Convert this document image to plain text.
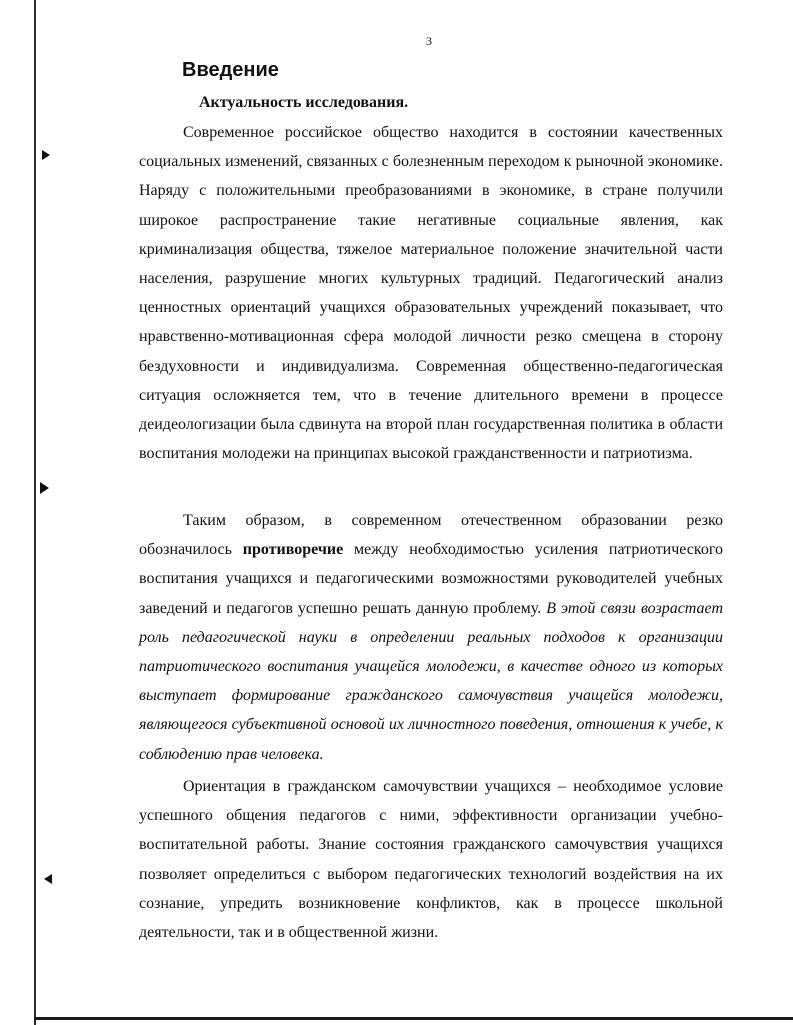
3
Введение
Актуальность исследования.

Современное российское общество находится в состоянии качественных социальных изменений, связанных с болезненным переходом к рыночной экономике. Наряду с положительными преобразованиями в экономике, в стране получили широкое распространение такие негативные социальные явления, как криминализация общества, тяжелое материальное положение значительной части населения, разрушение многих культурных традиций. Педагогический анализ ценностных ориентаций учащихся образовательных учреждений показывает, что нравственно-мотивационная сфера молодой личности резко смещена в сторону бездуховности и индивидуализма. Современная общественно-педагогическая ситуация осложняется тем, что в течение длительного времени в процессе деидеологизации была сдвинута на второй план государственная политика в области воспитания молодежи на принципах высокой гражданственности и патриотизма.

Таким образом, в современном отечественном образовании резко обозначилось противоречие между необходимостью усиления патриотического воспитания учащихся и педагогическими возможностями руководителей учебных заведений и педагогов успешно решать данную проблему. В этой связи возрастает роль педагогической науки в определении реальных подходов к организации патриотического воспитания учащейся молодежи, в качестве одного из которых выступает формирование гражданского самочувствия учащейся молодежи, являющегося субъективной основой их личностного поведения, отношения к учебе, к соблюдению прав человека.

Ориентация в гражданском самочувствии учащихся – необходимое условие успешного общения педагогов с ними, эффективности организации учебно-воспитательной работы. Знание состояния гражданского самочувствия учащихся позволяет определиться с выбором педагогических технологий воздействия на их сознание, упредить возникновение конфликтов, как в процессе школьной деятельности, так и в общественной жизни.
